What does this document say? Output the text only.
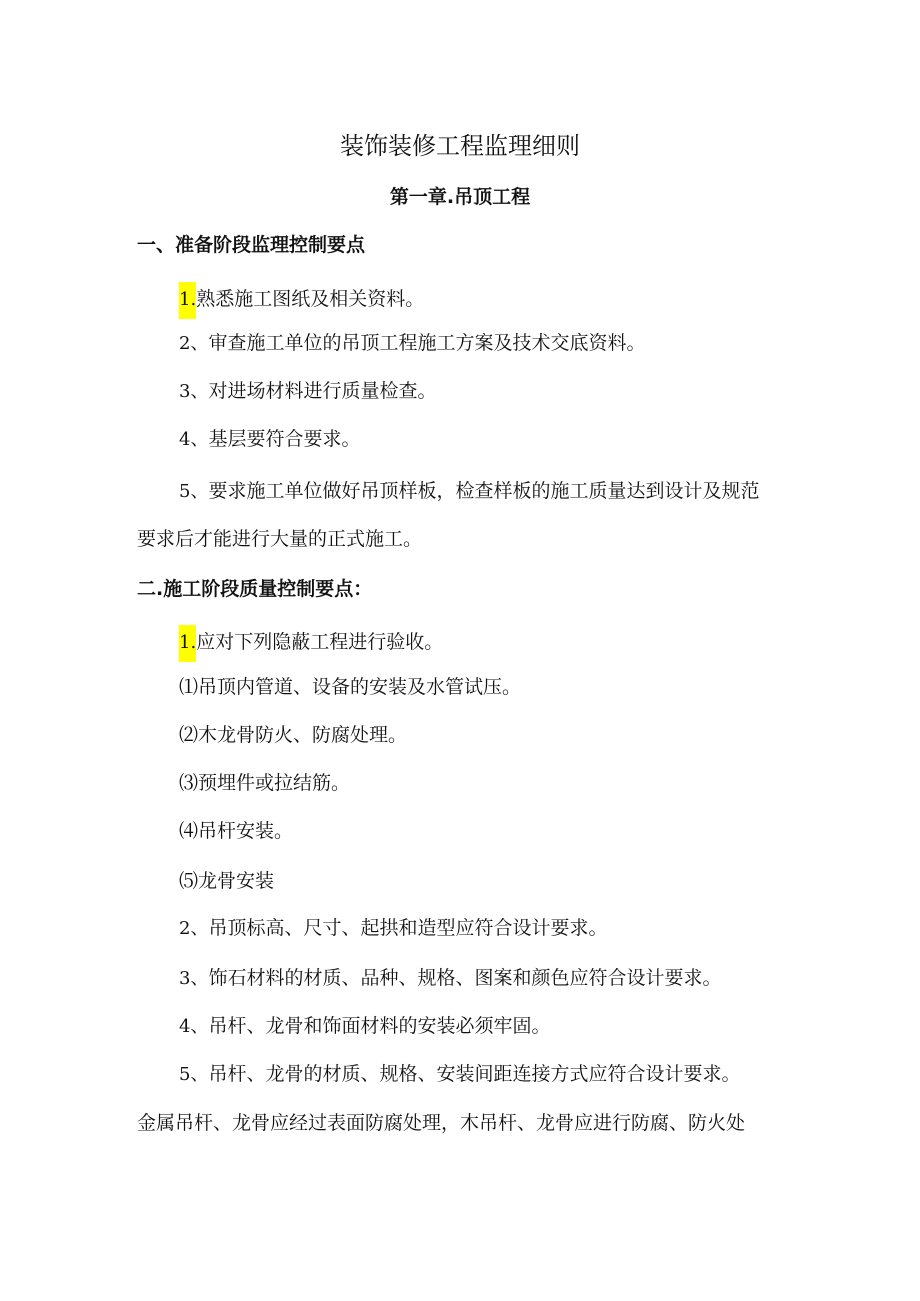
装饰装修工程监理细则
第一章.吊顶工程
一、准备阶段监理控制要点
1.熟悉施工图纸及相关资料。
2、审查施工单位的吊顶工程施工方案及技术交底资料。
3、对进场材料进行质量检查。
4、基层要符合要求。
5、要求施工单位做好吊顶样板，检查样板的施工质量达到设计及规范
要求后才能进行大量的正式施工。
二.施工阶段质量控制要点：
1.应对下列隐蔽工程进行验收。
⑴吊顶内管道、设备的安装及水管试压。
⑵木龙骨防火、防腐处理。
⑶预埋件或拉结筋。
⑷吊杆安装。
⑸龙骨安装
2、吊顶标高、尺寸、起拱和造型应符合设计要求。
3、饰石材料的材质、品种、规格、图案和颜色应符合设计要求。
4、吊杆、龙骨和饰面材料的安装必须牢固。
5、吊杆、龙骨的材质、规格、安装间距连接方式应符合设计要求。
金属吊杆、龙骨应经过表面防腐处理，木吊杆、龙骨应进行防腐、防火处
